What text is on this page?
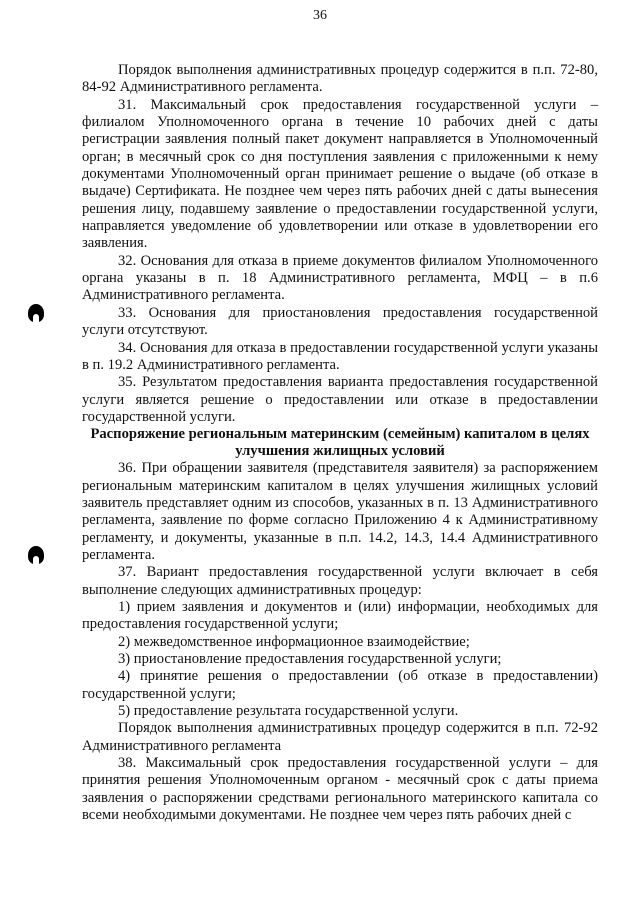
36

Порядок выполнения административных процедур содержится в п.п. 72-80, 84-92 Административного регламента.

31. Максимальный срок предоставления государственной услуги – филиалом Уполномоченного органа в течение 10 рабочих дней с даты регистрации заявления полный пакет документ направляется в Уполномоченный орган; в месячный срок со дня поступления заявления с приложенными к нему документами Уполномоченный орган принимает решение о выдаче (об отказе в выдаче) Сертификата. Не позднее чем через пять рабочих дней с даты вынесения решения лицу, подавшему заявление о предоставлении государственной услуги, направляется уведомление об удовлетворении или отказе в удовлетворении его заявления.

32. Основания для отказа в приеме документов филиалом Уполномоченного органа указаны в п. 18 Административного регламента, МФЦ – в п.6 Административного регламента.

33. Основания для приостановления предоставления государственной услуги отсутствуют.

34. Основания для отказа в предоставлении государственной услуги указаны в п. 19.2 Административного регламента.

35. Результатом предоставления варианта предоставления государственной услуги является решение о предоставлении или отказе в предоставлении государственной услуги.

Распоряжение региональным материнским (семейным) капиталом в целях улучшения жилищных условий

36. При обращении заявителя (представителя заявителя) за распоряжением региональным материнским капиталом в целях улучшения жилищных условий заявитель представляет одним из способов, указанных в п. 13 Административного регламента, заявление по форме согласно Приложению 4 к Административному регламенту, и документы, указанные в п.п. 14.2, 14.3, 14.4 Административного регламента.

37. Вариант предоставления государственной услуги включает в себя выполнение следующих административных процедур:

1) прием заявления и документов и (или) информации, необходимых для предоставления государственной услуги;

2) межведомственное информационное взаимодействие;

3) приостановление предоставления государственной услуги;

4) принятие решения о предоставлении (об отказе в предоставлении) государственной услуги;

5) предоставление результата государственной услуги.

Порядок выполнения административных процедур содержится в п.п. 72-92 Административного регламента

38. Максимальный срок предоставления государственной услуги – для принятия решения Уполномоченным органом - месячный срок с даты приема заявления о распоряжении средствами регионального материнского капитала со всеми необходимыми документами. Не позднее чем через пять рабочих дней с
